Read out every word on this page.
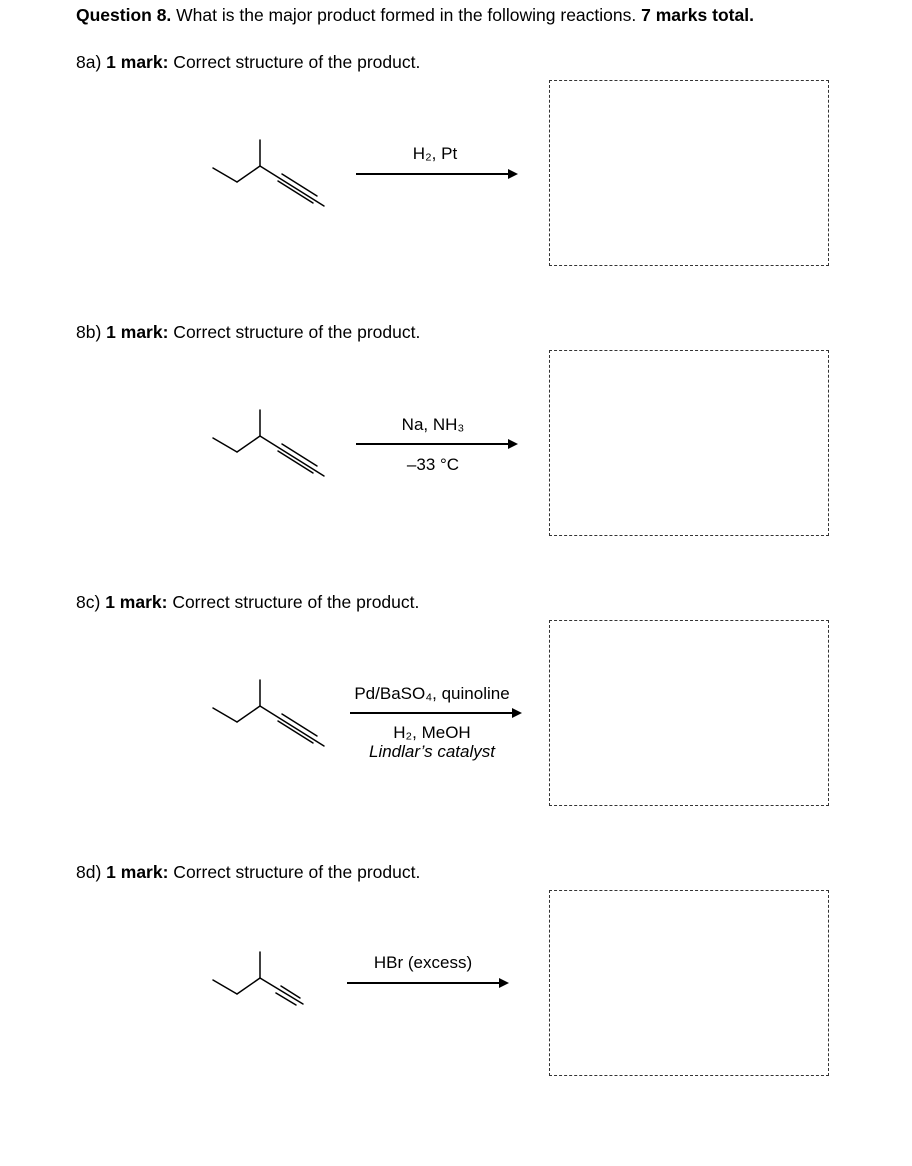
Question 8. What is the major product formed in the following reactions. 7 marks total.
8a) 1 mark: Correct structure of the product.
H₂, Pt
8b) 1 mark: Correct structure of the product.
Na, NH₃
–33 °C
8c) 1 mark: Correct structure of the product.
Pd/BaSO₄, quinoline
H₂, MeOH
Lindlar’s catalyst
8d) 1 mark: Correct structure of the product.
HBr (excess)
